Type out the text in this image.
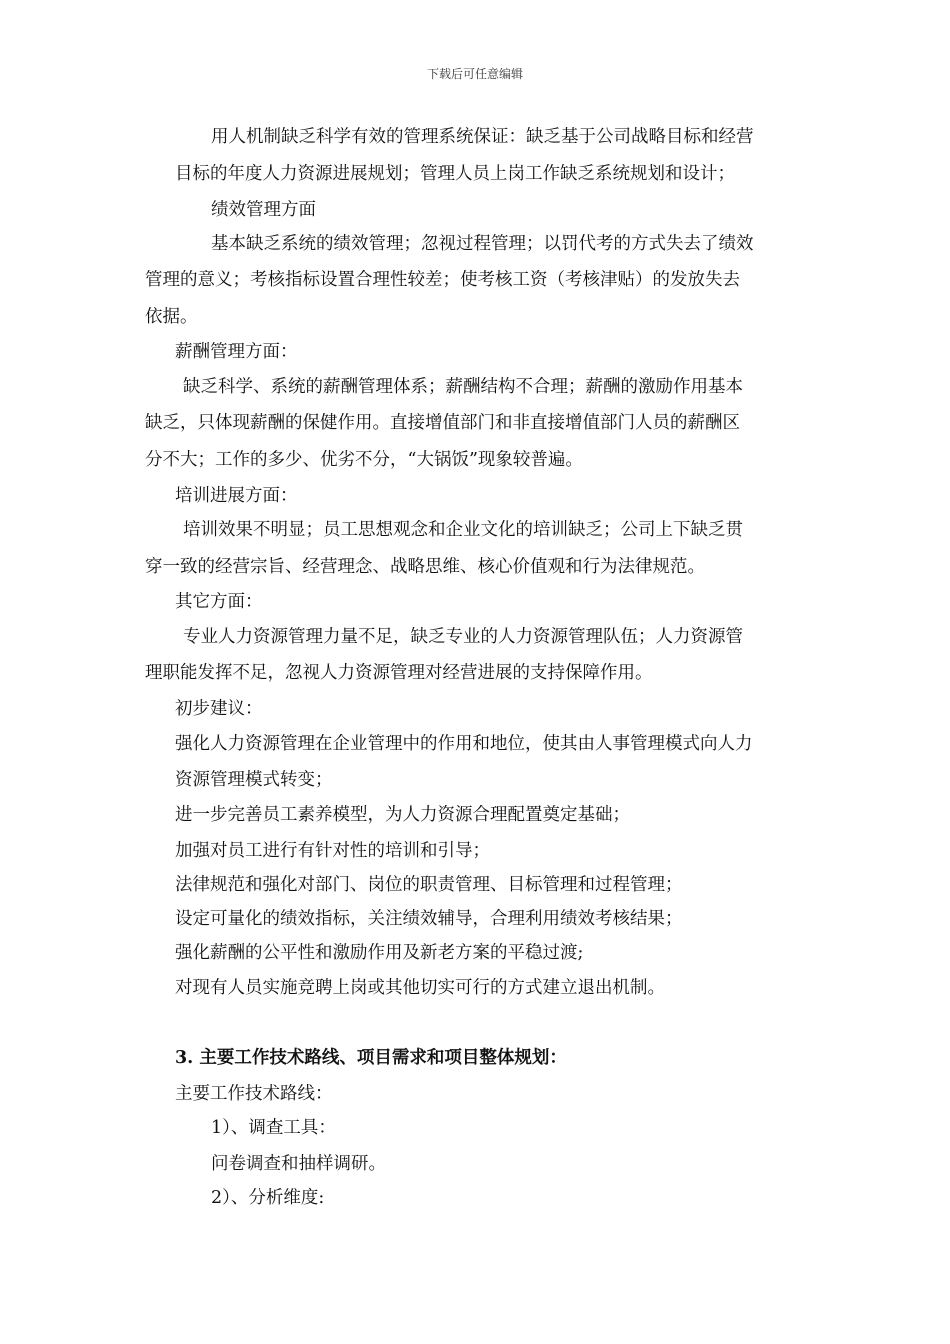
下载后可任意编辑
用人机制缺乏科学有效的管理系统保证：缺乏基于公司战略目标和经营
目标的年度人力资源进展规划；管理人员上岗工作缺乏系统规划和设计；
绩效管理方面
基本缺乏系统的绩效管理；忽视过程管理；以罚代考的方式失去了绩效
管理的意义；考核指标设置合理性较差；使考核工资（考核津贴）的发放失去
依据。
薪酬管理方面：
缺乏科学、系统的薪酬管理体系；薪酬结构不合理；薪酬的激励作用基本
缺乏，只体现薪酬的保健作用。直接增值部门和非直接增值部门人员的薪酬区
分不大；工作的多少、优劣不分，“大锅饭”现象较普遍。
培训进展方面：
培训效果不明显；员工思想观念和企业文化的培训缺乏；公司上下缺乏贯
穿一致的经营宗旨、经营理念、战略思维、核心价值观和行为法律规范。
其它方面：
专业人力资源管理力量不足，缺乏专业的人力资源管理队伍；人力资源管
理职能发挥不足，忽视人力资源管理对经营进展的支持保障作用。
初步建议：
强化人力资源管理在企业管理中的作用和地位，使其由人事管理模式向人力
资源管理模式转变；
进一步完善员工素养模型，为人力资源合理配置奠定基础；
加强对员工进行有针对性的培训和引导；
法律规范和强化对部门、岗位的职责管理、目标管理和过程管理；
设定可量化的绩效指标，关注绩效辅导，合理利用绩效考核结果；
强化薪酬的公平性和激励作用及新老方案的平稳过渡;
对现有人员实施竞聘上岗或其他切实可行的方式建立退出机制。
3. 主要工作技术路线、项目需求和项目整体规划：
主要工作技术路线：
1）、调查工具：
问卷调查和抽样调研。
2）、分析维度:
